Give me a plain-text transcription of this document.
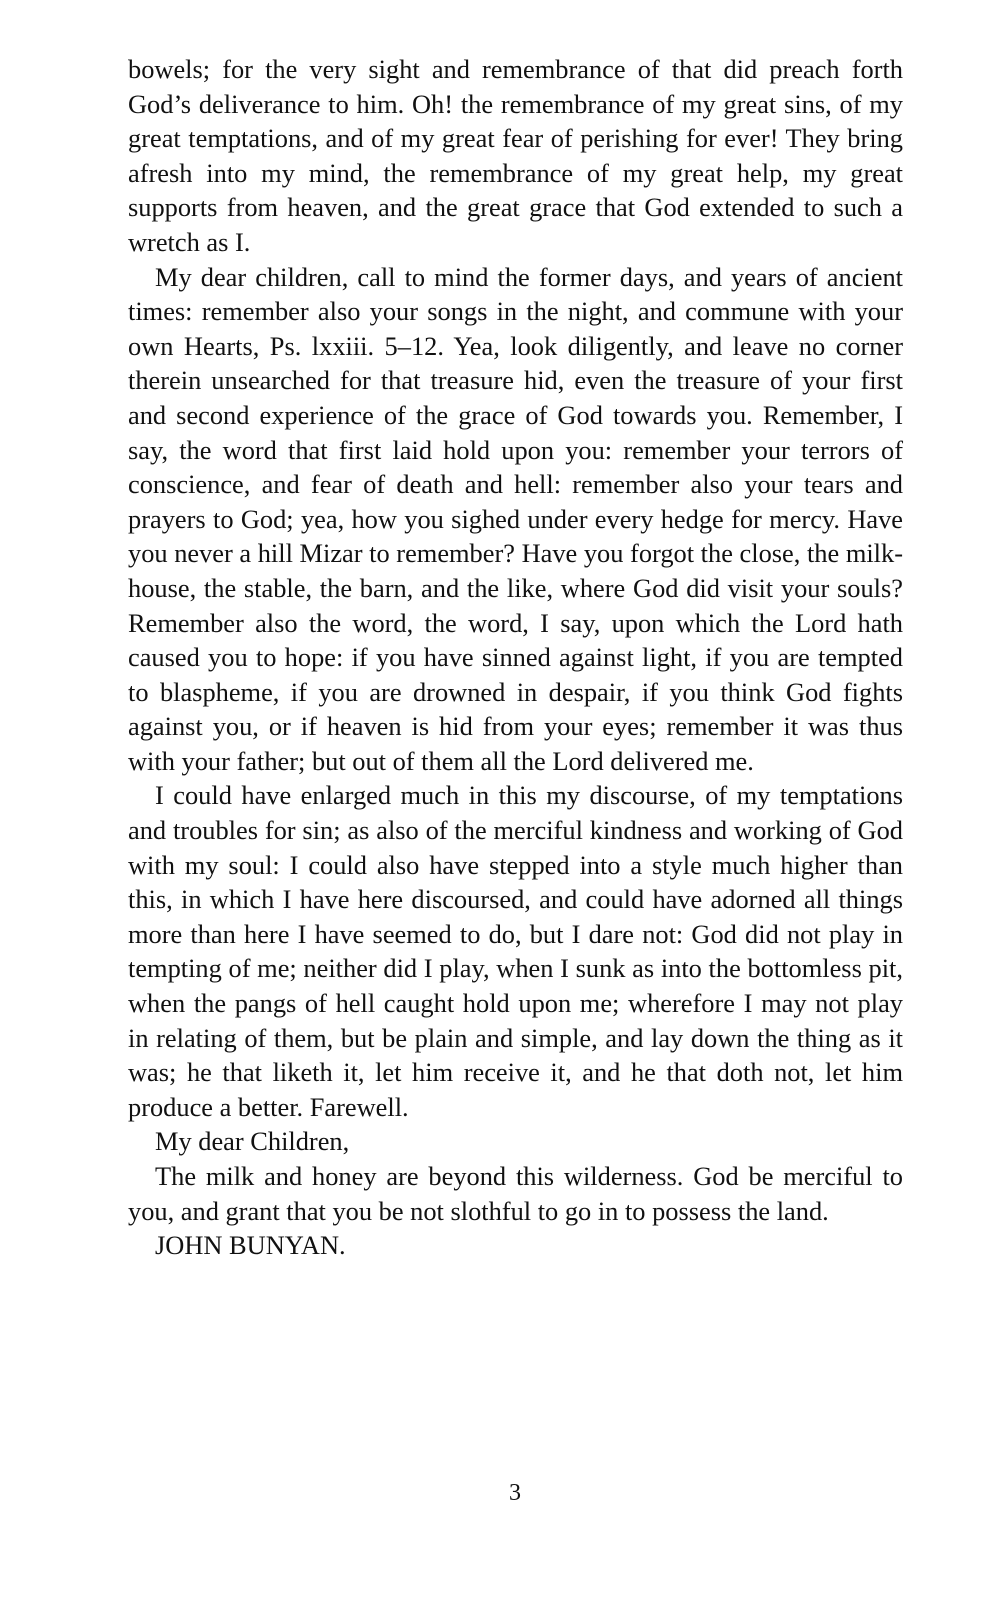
bowels; for the very sight and remembrance of that did preach forth God’s deliverance to him. Oh! the remembrance of my great sins, of my great temptations, and of my great fear of perishing for ever! They bring afresh into my mind, the remembrance of my great help, my great supports from heaven, and the great grace that God extended to such a wretch as I.

My dear children, call to mind the former days, and years of ancient times: remember also your songs in the night, and commune with your own Hearts, Ps. lxxiii. 5–12. Yea, look diligently, and leave no corner therein unsearched for that treasure hid, even the treasure of your first and second experience of the grace of God towards you. Remember, I say, the word that first laid hold upon you: remember your terrors of conscience, and fear of death and hell: remember also your tears and prayers to God; yea, how you sighed under every hedge for mercy. Have you never a hill Mizar to remember? Have you forgot the close, the milk-house, the stable, the barn, and the like, where God did visit your souls? Remember also the word, the word, I say, upon which the Lord hath caused you to hope: if you have sinned against light, if you are tempted to blaspheme, if you are drowned in despair, if you think God fights against you, or if heaven is hid from your eyes; remember it was thus with your father; but out of them all the Lord delivered me.

I could have enlarged much in this my discourse, of my temptations and troubles for sin; as also of the merciful kindness and working of God with my soul: I could also have stepped into a style much higher than this, in which I have here discoursed, and could have adorned all things more than here I have seemed to do, but I dare not: God did not play in tempting of me; neither did I play, when I sunk as into the bottomless pit, when the pangs of hell caught hold upon me; wherefore I may not play in relating of them, but be plain and simple, and lay down the thing as it was; he that liketh it, let him receive it, and he that doth not, let him produce a better. Farewell.

My dear Children,

The milk and honey are beyond this wilderness. God be merciful to you, and grant that you be not slothful to go in to possess the land.

JOHN BUNYAN.

3
